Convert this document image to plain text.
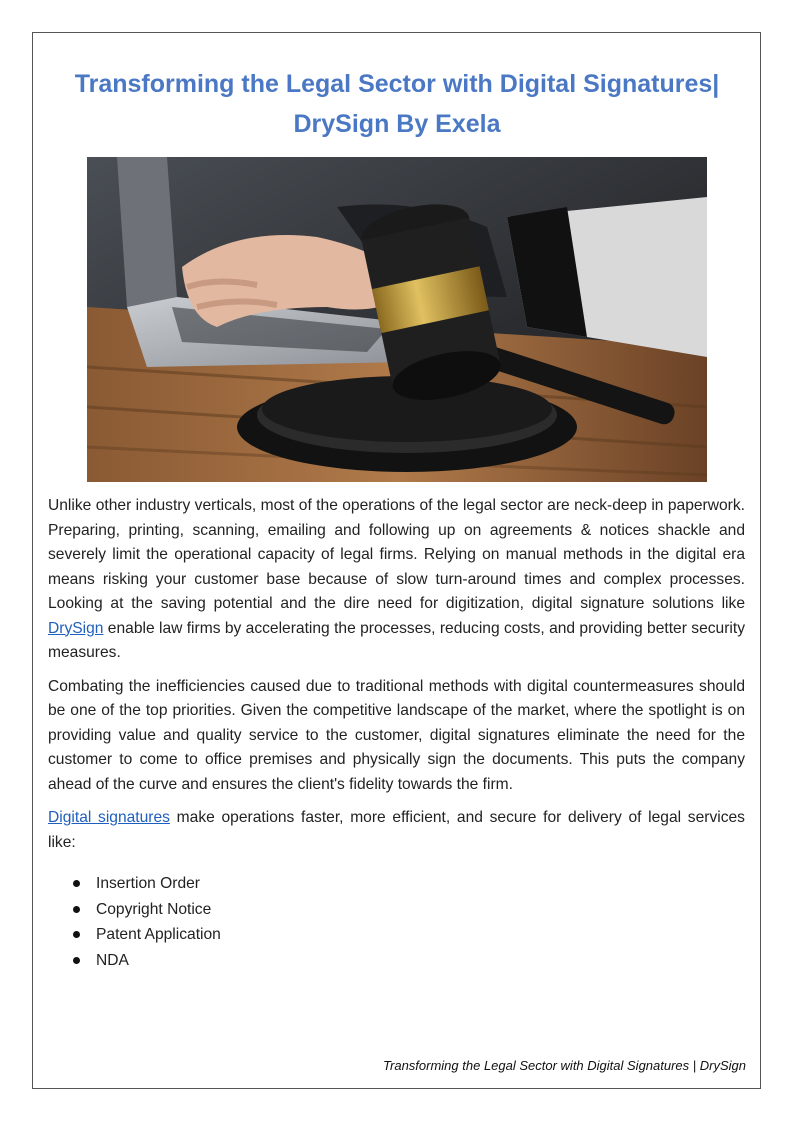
Transforming the Legal Sector with Digital Signatures|
DrySign By Exela

Unlike other industry verticals, most of the operations of the legal sector are neck-deep in paperwork. Preparing, printing, scanning, emailing and following up on agreements & notices shackle and severely limit the operational capacity of legal firms. Relying on manual methods in the digital era means risking your customer base because of slow turn-around times and complex processes. Looking at the saving potential and the dire need for digitization, digital signature solutions like DrySign enable law firms by accelerating the processes, reducing costs, and providing better security measures.

Combating the inefficiencies caused due to traditional methods with digital countermeasures should be one of the top priorities. Given the competitive landscape of the market, where the spotlight is on providing value and quality service to the customer, digital signatures eliminate the need for the customer to come to office premises and physically sign the documents. This puts the company ahead of the curve and ensures the client's fidelity towards the firm.

Digital signatures make operations faster, more efficient, and secure for delivery of legal services like:

Insertion Order
Copyright Notice
Patent Application
NDA
Transforming the Legal Sector with Digital Signatures | DrySign
